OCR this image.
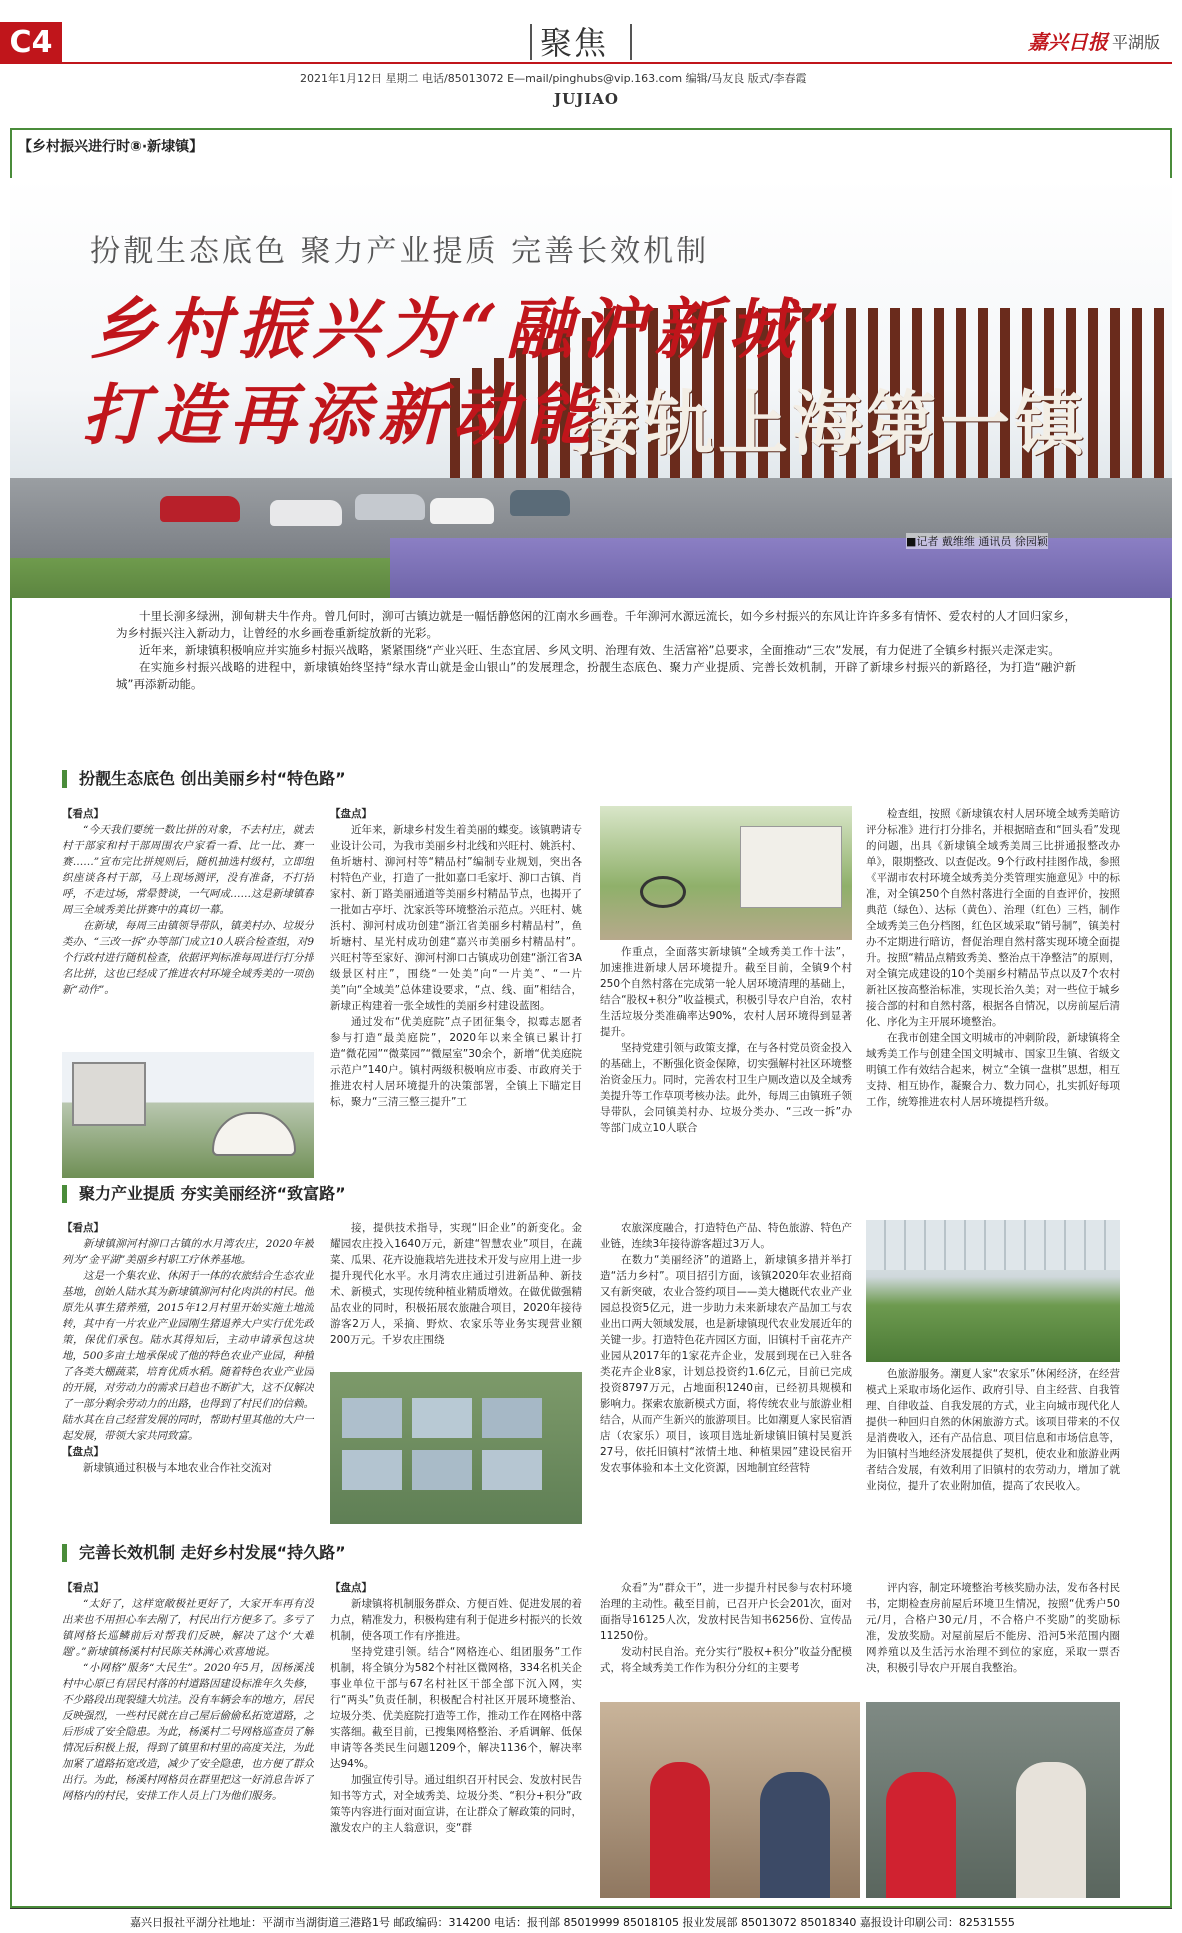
C4	聚焦	嘉兴日报 平湖版
2021年1月12日 星期二 电话/85013072 E—mail/pinghubs@vip.163.com 编辑/马友良 版式/李春霞
JUJIAO
【乡村振兴进行时⑧·新埭镇】
接轨上海第一镇
扮靓生态底色 聚力产业提质 完善长效机制
乡村振兴为“融沪新城”
打造再添新动能
■记者 戴维维 通讯员 徐园颖

十里长泖多绿洲，泖甸耕夫牛作舟。曾几何时，泖可古镇边就是一幅恬静悠闲的江南水乡画卷。千年泖河水源远流长，如今乡村振兴的东风让许许多多有情怀、爱农村的人才回归家乡，为乡村振兴注入新动力，让曾经的水乡画卷重新绽放新的光彩。

近年来，新埭镇积极响应并实施乡村振兴战略，紧紧围绕“产业兴旺、生态宜居、乡风文明、治理有效、生活富裕”总要求，全面推动“三农”发展，有力促进了全镇乡村振兴走深走实。

在实施乡村振兴战略的进程中，新埭镇始终坚持“绿水青山就是金山银山”的发展理念，扮靓生态底色、聚力产业提质、完善长效机制，开辟了新埭乡村振兴的新路径，为打造“融沪新城”再添新动能。

扮靓生态底色 创出美丽乡村“特色路”
【看点】

“今天我们要统一数比拼的对象，不去村庄，就去村干部家和村干部周围农户家看一看、比一比、赛一赛……”宣布完比拼规则后，随机抽选村级村，立即组织座谈各村干部，马上现场测评，没有准备，不打招呼，不走过场，常晕赞谈，一气呵成……这是新埭镇春周三全域秀美比拼赛中的真切一幕。

在新埭，每周三由镇领导带队，镇美村办、垃圾分类办、“三改一拆”办等部门成立10人联合检查组，对9个行政村进行随机检查，依据评判标准每周进行打分排名比拼，这也已经成了推进农村环境全域秀美的一项创新“动作”。

【盘点】

近年来，新埭乡村发生着美丽的蝶变。该镇聘请专业设计公司，为我市美丽乡村北线和兴旺村、姚浜村、鱼圻塘村、泖河村等“精品村”编制专业规划，突出各村特色产业，打造了一批如嘉口毛家圩、泖口古镇、肖家村、新丁路美丽通道等美丽乡村精品节点，也揭开了一批如古亭圩、沈家浜等环境整治示范点。兴旺村、姚浜村、泖河村成功创建“浙江省美丽乡村精品村”，鱼圻塘村、星光村成功创建“嘉兴市美丽乡村精品村”。兴旺村等至家好、泖河村泖口古镇成功创建“浙江省3A级景区村庄”，围绕“一处美”向“一片美”、“一片美”向“全域美”总体建设要求，“点、线、面”相结合，新埭正构建着一张全域性的美丽乡村建设蓝图。

通过发布“优美庭院”点子团征集令，拟霉志愿者参与打造“最美庭院”，2020年以来全镇已累计打造“微花园”“微菜园”“微屋室”30余个，新增“优美庭院示范户”140户。镇村两级积极响应市委、市政府关于推进农村人居环境提升的决策部署，全镇上下瞄定目标，聚力“三清三整三提升”工

作重点，全面落实新埭镇“全域秀美工作十法”，加速推进新埭人居环境提升。截至目前，全镇9个村250个自然村落在完成第一轮人居环境清理的基础上，结合“股权+积分”收益模式，积极引导农户自治，农村生活垃圾分类准确率达90%，农村人居环境得到显著提升。

坚持党建引领与政策支撑，在与各村党员资金投入的基础上，不断强化资金保障，切实强解村社区环境整治资金压力。同时，完善农村卫生户厕改造以及全域秀美提升等工作草项考核办法。此外，每周三由镇班子领导带队，会同镇美村办、垃圾分类办、“三改一拆”办等部门成立10人联合

检查组，按照《新埭镇农村人居环境全域秀美暗访评分标准》进行打分排名，并根据暗查和“回头看”发现的问题，出具《新埭镇全域秀美周三比拼通报整改办单》，限期整改、以查促改。9个行政村挂图作战，参照《平湖市农村环境全域秀美分类管理实施意见》中的标准，对全镇250个自然村落进行全面的自查评价，按照典范（绿色）、达标（黄色）、治理（红色）三档，制作全域秀美三色分档图，红色区域采取“销号制”，镇美村办不定期进行暗访，督促治理自然村落实现环境全面提升。按照“精品点精致秀美、整治点干净整洁”的原则，对全镇完成建设的10个美丽乡村精品节点以及7个农村新社区按高整治标准，实现长治久美；对一些位于城乡接合部的村和自然村落，根据各自情况，以房前屋后清化、序化为主开展环境整治。

在我市创建全国文明城市的冲刺阶段，新埭镇将全域秀美工作与创建全国文明城市、国家卫生镇、省级文明镇工作有效结合起来，树立“全镇一盘棋”思想，相互支持、相互协作，凝聚合力、数力同心，扎实抓好每项工作，统筹推进农村人居环境提档升级。

聚力产业提质 夯实美丽经济“致富路”
【看点】

新埭镇泖河村泖口古镇的水月湾农庄，2020年被列为“金平湖”美丽乡村职工疗休养基地。

这是一个集农业、休闲于一体的农旅结合生态农业基地，创始人陆水其为新埭镇泖河村化肉洪的村民。他原先从事生猪养殖，2015年12月村里开始实施土地流转，其中有一片农业产业园刚生猪退养大户实行优先政策，保优们承包。陆水其得知后，主动申请承包这块地，500多亩土地承保成了他的特色农业产业园，种植了各类大棚蔬菜，培育优质水稻。随着特色农业产业园的开展，对劳动力的需求日趋也不断扩大，这不仅解决了一部分剩余劳动力的出路，也得到了村民们的信赖。陆水其在自己经营发展的同时，帮助村里其他的大户一起发展，带领大家共同致富。

【盘点】

新埭镇通过积极与本地农业合作社交流对

接，提供技术指导，实现“旧企业”的新变化。金耀园农庄投入1640万元，新建“智慧农业”项目，在蔬菜、瓜果、花卉设施栽培先进技术开发与应用上进一步提升现代化水平。水月湾农庄通过引进新品种、新技术、新模式，实现传统种植业精质增效。在做优做强精品农业的同时，积极拓展农旅融合项目，2020年接待游客2万人，采摘、野炊、农家乐等业务实现营业额200万元。千岁农庄围绕

农旅深度融合，打造特色产品、特色旅游、特色产业链，连续3年接待游客超过3万人。

在数力“美丽经济”的道路上，新埭镇多措并举打造“活力乡村”。项目招引方面，该镇2020年农业招商又有新突破，农业合签约项目——美大樾既代农业产业园总投资5亿元，进一步助力未来新埭农产品加工与农业出口两大领域发展，也是新埭镇现代农业发展近年的关键一步。打造特色花卉园区方面，旧镇村千亩花卉产业园从2017年的1家花卉企业，发展到现在已入驻各类花卉企业8家，计划总投资约1.6亿元，目前已完成投资8797万元，占地面积1240亩，已经初具规模和影响力。探索农旅新模式方面，将传统农业与旅游业相结合，从而产生新兴的旅游项目。比如潮夏人家民宿酒店（农家乐）项目，该项目选址新埭镇旧镇村吴夏浜27号，依托旧镇村“浓情土地、种植果园”建设民宿开发农事体验和本土文化资源，因地制宜经营特

色旅游服务。潮夏人家“农家乐”休闲经济，在经营模式上采取市场化运作、政府引导、自主经营、自我管理、自律收益、自我发展的方式，业主向城市现代化人提供一种回归自然的休闲旅游方式。该项目带来的不仅是消费收入，还有产品信息、项目信息和市场信息等，为旧镇村当地经济发展提供了契机，使农业和旅游业两者结合发展，有效利用了旧镇村的农劳动力，增加了就业岗位，提升了农业附加值，提高了农民收入。

完善长效机制 走好乡村发展“持久路”
【看点】

“太好了，这样宽敞极社更好了，大家开车再有没出来也不用担心车去剐了，村民出行方便多了。多亏了镇网格长巡鳞前后对帮我们反映，解决了这个‘大难题’。”新埭镇杨溪村村民陈关林满心欢喜地说。

“小网格”服务“大民生”。2020年5月，因杨溪浅村中心原已有居民村落的村道路因建设标准年久失修，不少路段出现裂缝大坑洼。没有车辆会车的地方，居民反映强烈，一些村民就在自己屋后偷偷私拓宽道路，之后形成了安全隐患。为此，杨溪村二号网格巡查员了解情况后积极上报，得到了镇里和村里的高度关注，为此加紧了道路拓宽改造，减少了安全隐患，也方便了群众出行。为此，杨溪村网格员在群里把这一好消息告诉了网格内的村民，安排工作人员上门为他们服务。

【盘点】

新埭镇将机制服务群众、方便百姓、促进发展的着力点，精准发力，积极构建有利于促进乡村振兴的长效机制，使各项工作有序推进。

坚持党建引领。结合“网格连心、组团服务”工作机制，将全镇分为582个村社区微网格，334名机关企事业单位干部与67名村社区干部全部下沉入网，实行“两头”负责任制，积极配合村社区开展环境整治、垃圾分类、优美庭院打造等工作，推动工作在网格中落实落细。截至目前，已搜集网格整治、矛盾调解、低保申请等各类民生问题1209个，解决1136个，解决率达94%。

加强宣传引导。通过组织召开村民会、发放村民告知书等方式，对全域秀美、垃圾分类、“积分+积分”政策等内容进行面对面宣讲，在让群众了解政策的同时，激发农户的主人翁意识，变“群

众看”为“群众干”，进一步提升村民参与农村环境治理的主动性。截至目前，已召开户长会201次，面对面指导16125人次，发放村民告知书6256份、宣传品11250份。

发动村民自治。充分实行“股权+积分”收益分配模式，将全域秀美工作作为积分分红的主要考

评内容，制定环境整治考核奖励办法，发布各村民书，定期检查房前屋后环境卫生情况，按照“优秀户50元/月，合格户30元/月，不合格户不奖励”的奖励标准，发放奖励。对屋前屋后不能房、沿河5米范围内圈网养殖以及生活污水治理不到位的家庭，采取一票否决，积极引导农户开展自我整治。

嘉兴日报社平湖分社地址：平湖市当湖街道三港路1号 邮政编码：314200 电话：报刊部 85019999 85018105 报业发展部 85013072 85018340 嘉报设计印刷公司：82531555
